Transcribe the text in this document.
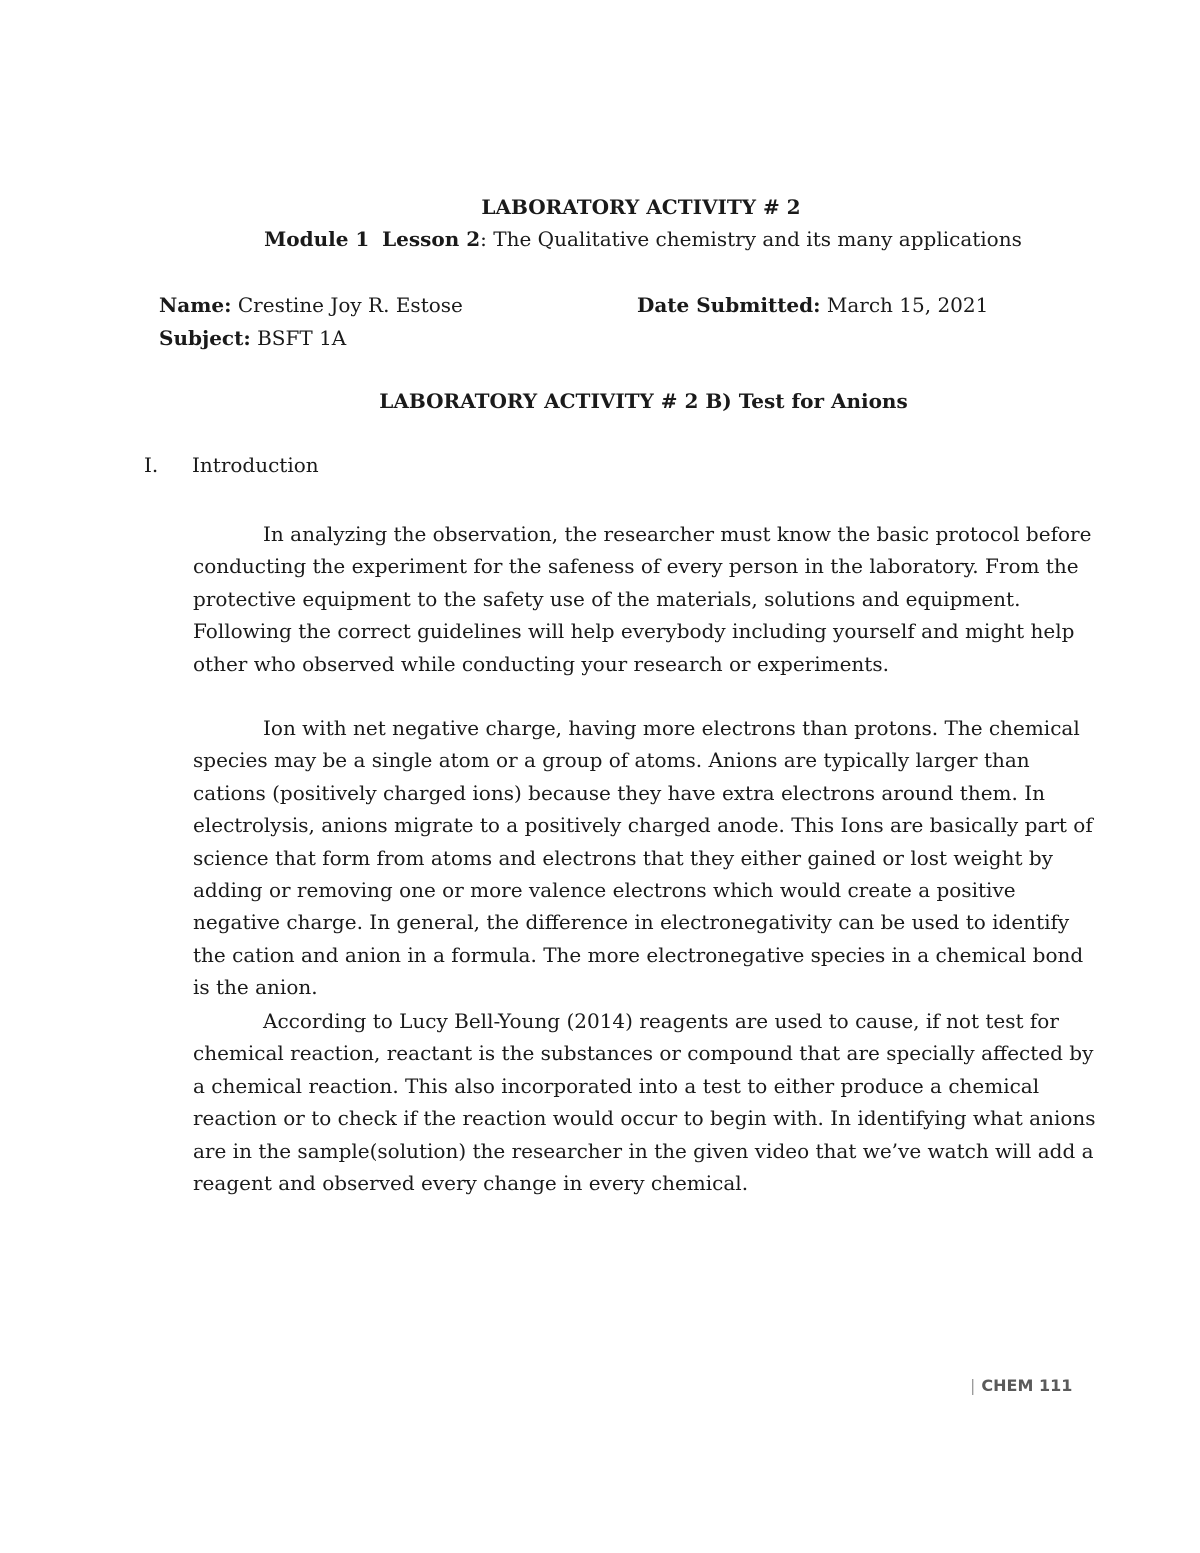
LABORATORY ACTIVITY # 2
Module 1 Lesson 2: The Qualitative chemistry and its many applications
Name: Crestine Joy R. Estose
Subject: BSFT 1A
Date Submitted: March 15, 2021
LABORATORY ACTIVITY # 2 B) Test for Anions
I. Introduction

In analyzing the observation, the researcher must know the basic protocol before conducting the experiment for the safeness of every person in the laboratory. From the protective equipment to the safety use of the materials, solutions and equipment. Following the correct guidelines will help everybody including yourself and might help other who observed while conducting your research or experiments.

Ion with net negative charge, having more electrons than protons. The chemical species may be a single atom or a group of atoms. Anions are typically larger than cations (positively charged ions) because they have extra electrons around them. In electrolysis, anions migrate to a positively charged anode. This Ions are basically part of science that form from atoms and electrons that they either gained or lost weight by adding or removing one or more valence electrons which would create a positive negative charge. In general, the difference in electronegativity can be used to identify the cation and anion in a formula. The more electronegative species in a chemical bond is the anion.

According to Lucy Bell-Young (2014) reagents are used to cause, if not test for chemical reaction, reactant is the substances or compound that are specially affected by a chemical reaction. This also incorporated into a test to either produce a chemical reaction or to check if the reaction would occur to begin with. In identifying what anions are in the sample(solution) the researcher in the given video that we’ve watch will add a reagent and observed every change in every chemical.

| CHEM 111
